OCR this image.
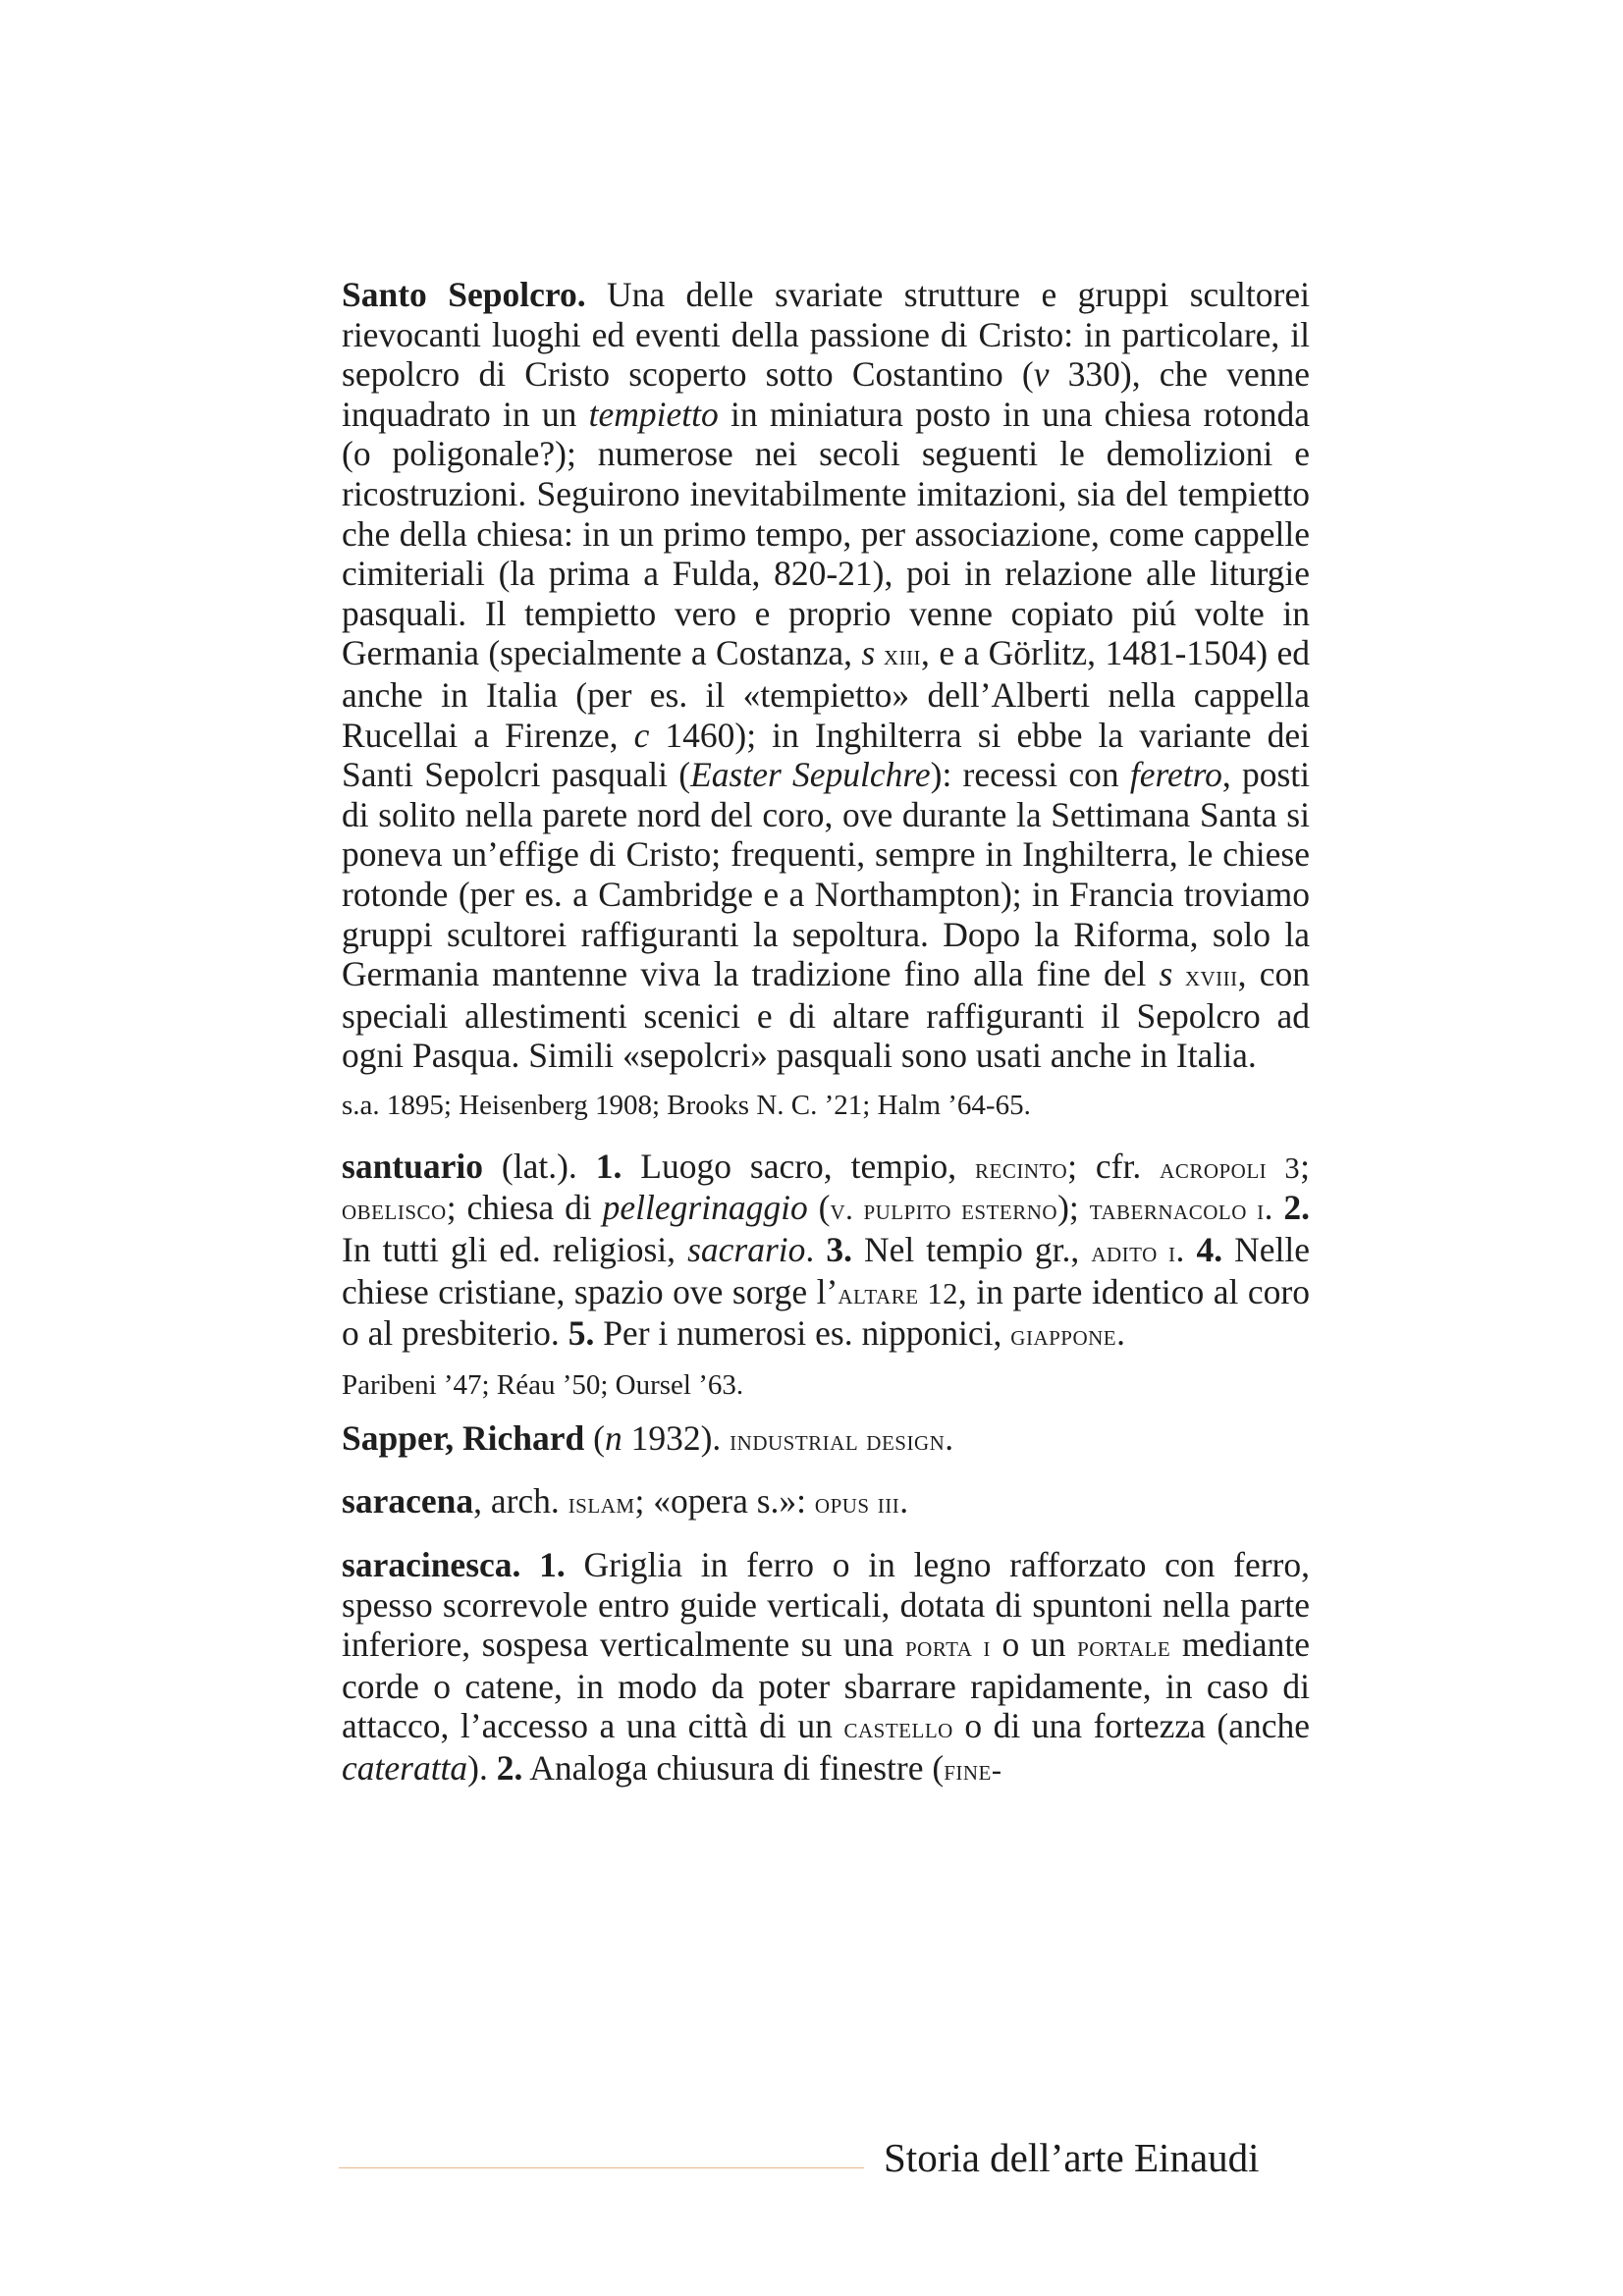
Santo Sepolcro. Una delle svariate strutture e gruppi scultorei rievocanti luoghi ed eventi della passione di Cristo: in particolare, il sepolcro di Cristo scoperto sotto Costantino (v 330), che venne inquadrato in un tempietto in miniatura posto in una chiesa rotonda (o poligonale?); numerose nei secoli seguenti le demolizioni e ricostruzioni. Seguirono inevitabilmente imitazioni, sia del tempietto che della chiesa: in un primo tempo, per associazione, come cappelle cimiteriali (la prima a Fulda, 820-21), poi in relazione alle liturgie pasquali. Il tempietto vero e proprio venne copiato piú volte in Germania (specialmente a Costanza, s xiii, e a Görlitz, 1481-1504) ed anche in Italia (per es. il «tempietto» dell’Alberti nella cappella Rucellai a Firenze, c 1460); in Inghilterra si ebbe la variante dei Santi Sepolcri pasquali (Easter Sepulchre): recessi con feretro, posti di solito nella parete nord del coro, ove durante la Settimana Santa si poneva un’effige di Cristo; frequenti, sempre in Inghilterra, le chiese rotonde (per es. a Cambridge e a Northampton); in Francia troviamo gruppi scultorei raffiguranti la sepoltura. Dopo la Riforma, solo la Germania mantenne viva la tradizione fino alla fine del s xviii, con speciali allestimenti scenici e di altare raffiguranti il Sepolcro ad ogni Pasqua. Simili «sepolcri» pasquali sono usati anche in Italia.

s.a. 1895; Heisenberg 1908; Brooks N. C. ’21; Halm ’64-65.

santuario (lat.). 1. Luogo sacro, tempio, recinto; cfr. acropoli 3; obelisco; chiesa di pellegrinaggio (v. pulpito esterno); tabernacolo i. 2. In tutti gli ed. religiosi, sacrario. 3. Nel tempio gr., adito i. 4. Nelle chiese cristiane, spazio ove sorge l’altare 12, in parte identico al coro o al presbiterio. 5. Per i numerosi es. nipponici, giappone.

Paribeni ’47; Réau ’50; Oursel ’63.

Sapper, Richard (n 1932). industrial design.

saracena, arch. islam; «opera s.»: opus iii.

saracinesca. 1. Griglia in ferro o in legno rafforzato con ferro, spesso scorrevole entro guide verticali, dotata di spuntoni nella parte inferiore, sospesa verticalmente su una porta i o un portale mediante corde o catene, in modo da poter sbarrare rapidamente, in caso di attacco, l’accesso a una città di un castello o di una fortezza (anche cateratta). 2. Analoga chiusura di finestre (fine-

Storia dell’arte Einaudi
